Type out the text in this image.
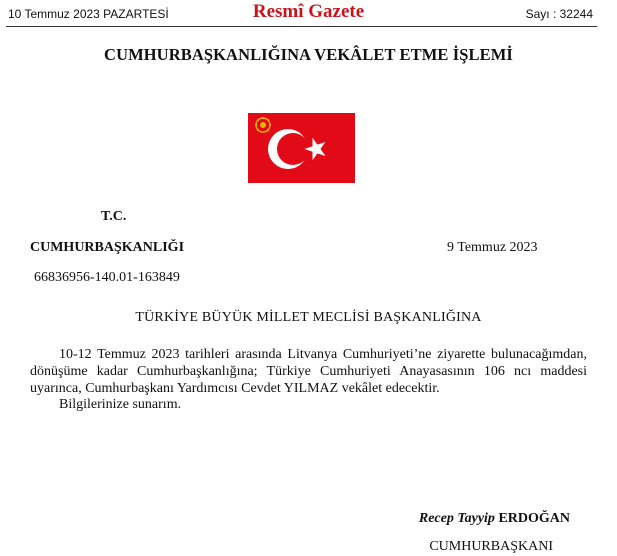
10 Temmuz 2023 PAZARTESİ	Resmî Gazete	Sayı : 32244
CUMHURBAŞKANLIĞINA VEKÂLET ETME İŞLEMİ
T.C.
CUMHURBAŞKANLIĞI	9 Temmuz 2023
66836956-140.01-163849
TÜRKİYE BÜYÜK MİLLET MECLİSİ BAŞKANLIĞINA

10-12 Temmuz 2023 tarihleri arasında Litvanya Cumhuriyeti’ne ziyarette bulunacağımdan, dönüşüme kadar Cumhurbaşkanlığına; Türkiye Cumhuriyeti Anayasasının 106 ncı maddesi uyarınca, Cumhurbaşkanı Yardımcısı Cevdet YILMAZ vekâlet edecektir.

Bilgilerinize sunarım.
Recep Tayyip ERDOĞAN
CUMHURBAŞKANI
